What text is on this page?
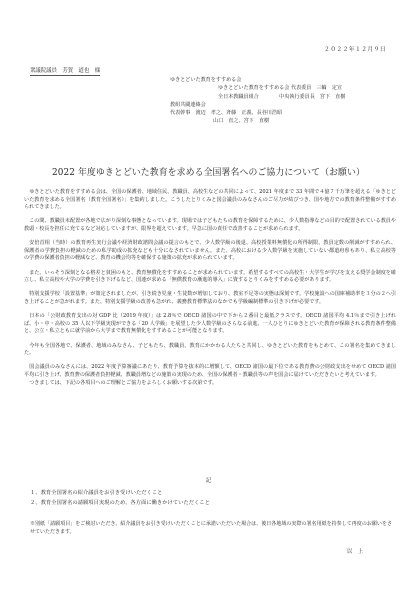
２０２２年１２月９日
衆議院議員　芳賀　道也　様
ゆきとどいた教育をすすめる会
ゆきとどいた教育をすすめる会 代表委員　三輪　定宣
全日本教職員組合　　　　中央執行委員長　宮下　直樹
教組共闘連絡会
代表幹事　渡辺　孝之、斉藤　正義、長谷川浩昭
山口　直之、宮下　直樹
2022 年度ゆきとどいた教育を求める全国署名へのご協力について（お願い）

ゆきとどいた教育をすすめる会は、全国の保護者、地域住民、教職員、高校生などの共同によって、2021 年度まで 33 年間で４億７千万筆を超える「ゆきとどいた教育を求める全国署名（教育全国署名）」を集約しました。こうしたとりくみと国会議員のみなさんのご尽力が結びつき、国や地方での教育条件整備がすすめられてきました。

この間、教職員未配置が各地で広がり深刻な事態となっています。現場では子どもたちの教育を保障するために、少人数指導などの目的で配置されている教員や教頭・校長を担任に充てるなど対応していますが、限界を超えています。早急に国の責任で改善することが求められます。

安倍首相（当時）の教育再生実行会議や経済財政諮問会議の提言のもとで、少人数学級の後退、高校授業料無償化の所得制限、教員定数の削減がすすめられ、保護者の学費負担の軽減のための私学助成の拡充なども十分になされていません。また、高校における少人数学級を実施していない都道府県もあり、私立高校等の学費の保護者負担の軽減など、教育の機会均等を確保する施策の拡充が求められています。

また、いっそう深刻となる格差と貧困のもと、教育無償化をすすめることが求められています。希望するすべての高校生・大学生が学びを支える奨学金制度を確立し、私立高校や大学の学費を引き下げるなど、国連が求める「無償教育の漸進的導入」に資するとりくみをすすめる必要があります。

特別支援学校「設置基準」が策定されましたが、引き続き児童・生徒数が増加しており、教室不足等の実態は深刻です。学校施設への国庫補助率を３分の２へ引き上げることが急がれます。また、特別支援学級の改善も急がれ、義務教育標準法のなかでも学級編制標準の引き下げが必要です。

日本の「公財政教育支出の対 GDP 比（2019 年度）」は 2.8％で OECD 諸国の中で下から２番目と最低クラスです。OECD 諸国平均 4.1％まで引き上げれば、小・中・高校の 35 人以下学級実現ができる「20 人学級」を展望した少人数学級のさらなる前進、一人ひとりにゆきとどいた教育が保障される教育条件整備と、公立・私立ともに就学前から大学まで教育無償化をすすめることが可能となります。

今年も全国各地で、保護者、地域のみなさん、子どもたち、教職員、教育にかかわる人たちと共同し、ゆきとどいた教育をもとめて、この署名を集めてきました。

国会議員のみなさんには、2022 年度予算審議にあたり、教育予算を抜本的に増額して、OECD 諸国の最下位である教育費の公財政支出をせめて OECD 諸国平均に引き上げ、教育費の保護者負担軽減、教職員増などの施策の実現のため、全国の保護者・教職員等の声を国会に届けていただきたいと考えています。

つきましては、下記の各項目へのご理解とご協力をよろしくお願いする次第です。

記
１、教育全国署名の紹介議員をお引き受けいただくこと
２、教育全国署名の請願項目実現のため、各方面に働きかけていただくこと
※別紙「請願項目」をご検討いただき、紹介議員をお引き受けいただくことに承諾いただいた場合は、後日各地域の実際の署名用紙を持参して再度のお願いをさせていただきます。
以　上
